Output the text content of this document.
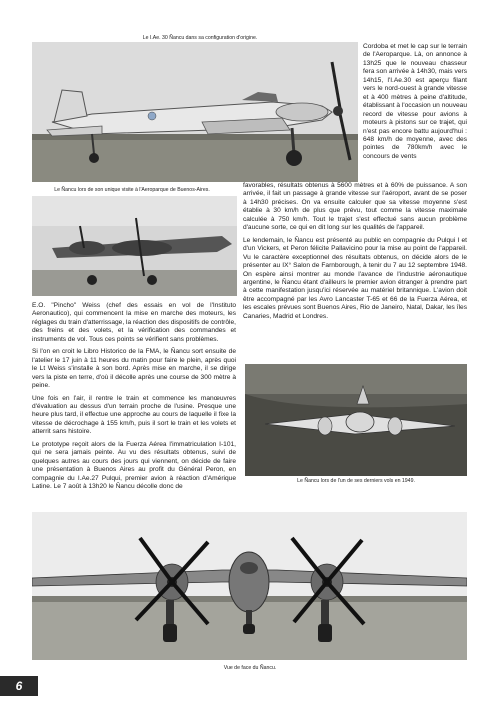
Le I.Ae. 30 Ñancu dans sa configuration d'origine.
Le Ñancu lors de son unique visite à l'Aeroparque de Buenos-Aires.

Cordoba et met le cap sur le terrain de l'Aeroparque. Là, on annonce à 13h25 que le nouveau chasseur fera son arrivée à 14h30, mais vers 14h15, l'I.Ae.30 est aperçu filant vers le nord-ouest à grande vitesse et à 400 mètres à peine d'altitude, établissant à l'occasion un nouveau record de vitesse pour avions à moteurs à pistons sur ce trajet, qui n'est pas encore battu aujourd'hui : 648 km/h de moyenne, avec des pointes de 780km/h avec le concours de vents

favorables, résultats obtenus à 5600 mètres et à 60% de puissance. A son arrivée, il fait un passage à grande vitesse sur l'aéroport, avant de se poser à 14h30 précises. On va ensuite calculer que sa vitesse moyenne s'est établie à 30 km/h de plus que prévu, tout comme la vitesse maximale calculée à 750 km/h. Tout le trajet s'est effectué sans aucun problème d'aucune sorte, ce qui en dit long sur les qualités de l'appareil.

Le lendemain, le Ñancu est présenté au public en compagnie du Pulqui I et d'un Vickers, et Peron félicite Pallavicino pour la mise au point de l'appareil. Vu le caractère exceptionnel des résultats obtenus, on décide alors de le présenter au IX° Salon de Farnborough, à tenir du 7 au 12 septembre 1948. On espère ainsi montrer au monde l'avance de l'industrie aéronautique argentine, le Ñancu étant d'ailleurs le premier avion étranger à prendre part à cette manifestation jusqu'ici réservée au matériel britannique. L'avion doit être accompagné par les Avro Lancaster T-65 et 66 de la Fuerza Aérea, et les escales prévues sont Buenos Aires, Rio de Janeiro, Natal, Dakar, les îles Canaries, Madrid et Londres.

E.O. "Pincho" Weiss (chef des essais en vol de l'Instituto Aeronautico), qui commencent la mise en marche des moteurs, les réglages du train d'atterrissage, la réaction des dispositifs de contrôle, des freins et des volets, et la vérification des commandes et instruments de vol. Tous ces points se vérifient sans problèmes.

Si l'on en croit le Libro Historico de la FMA, le Ñancu sort ensuite de l'atelier le 17 juin à 11 heures du matin pour faire le plein, après quoi le Lt Weiss s'installe à son bord. Après mise en marche, il se dirige vers la piste en terre, d'où il décolle après une course de 300 mètre à peine.

Une fois en l'air, il rentre le train et commence les manœuvres d'évaluation au dessus d'un terrain proche de l'usine. Presque une heure plus tard, il effectue une approche au cours de laquelle il fixe la vitesse de décrochage à 155 km/h, puis il sort le train et les volets et atterrit sans histoire.

Le prototype reçoit alors de la Fuerza Aérea l'immatriculation I-101, qui ne sera jamais peinte. Au vu des résultats obtenus, suivi de quelques autres au cours des jours qui viennent, on décide de faire une présentation à Buenos Aires au profit du Général Peron, en compagnie du I.Ae.27 Pulqui, premier avion à réaction d'Amérique Latine. Le 7 août à 13h20 le Ñancu décolle donc de

Le Ñancu lors de l'un de ses derniers vols en 1949.
Vue de face du Ñancu.
6
